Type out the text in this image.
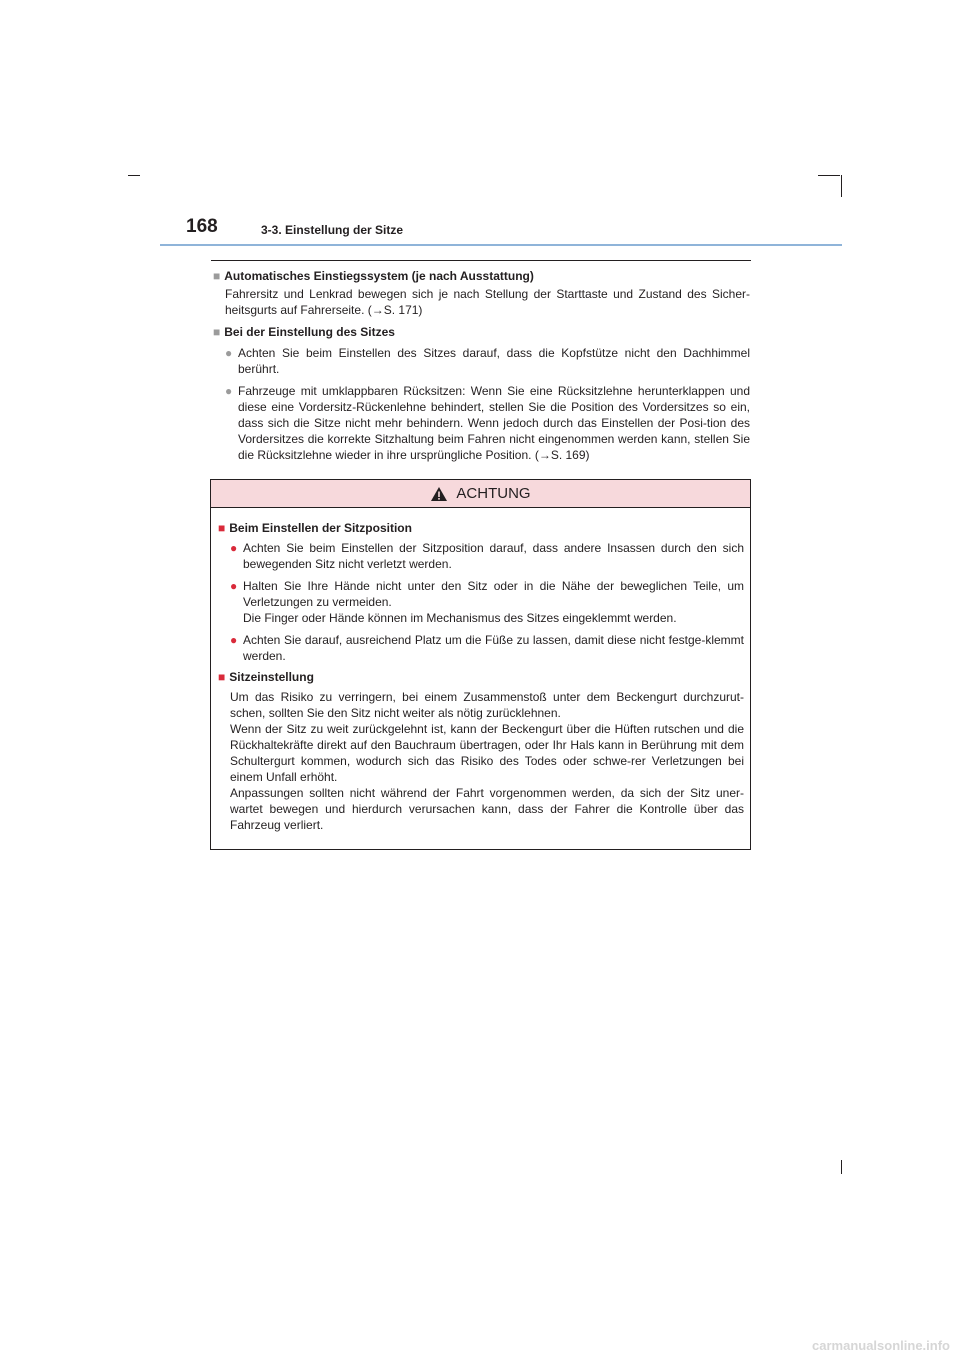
168	3-3. Einstellung der Sitze
■ Automatisches Einstiegssystem (je nach Ausstattung)
Fahrersitz und Lenkrad bewegen sich je nach Stellung der Starttaste und Zustand des Sicher-heitsgurts auf Fahrerseite. (→S. 171)
■ Bei der Einstellung des Sitzes
● Achten Sie beim Einstellen des Sitzes darauf, dass die Kopfstütze nicht den Dachhimmel berührt.
● Fahrzeuge mit umklappbaren Rücksitzen: Wenn Sie eine Rücksitzlehne herunterklappen und diese eine Vordersitz-Rückenlehne behindert, stellen Sie die Position des Vordersitzes so ein, dass sich die Sitze nicht mehr behindern. Wenn jedoch durch das Einstellen der Posi-tion des Vordersitzes die korrekte Sitzhaltung beim Fahren nicht eingenommen werden kann, stellen Sie die Rücksitzlehne wieder in ihre ursprüngliche Position. (→S. 169)
ACHTUNG
■ Beim Einstellen der Sitzposition
● Achten Sie beim Einstellen der Sitzposition darauf, dass andere Insassen durch den sich bewegenden Sitz nicht verletzt werden.
● Halten Sie Ihre Hände nicht unter den Sitz oder in die Nähe der beweglichen Teile, um Verletzungen zu vermeiden.
Die Finger oder Hände können im Mechanismus des Sitzes eingeklemmt werden.
● Achten Sie darauf, ausreichend Platz um die Füße zu lassen, damit diese nicht festge-klemmt werden.
■ Sitzeinstellung
Um das Risiko zu verringern, bei einem Zusammenstoß unter dem Beckengurt durchzurut-schen, sollten Sie den Sitz nicht weiter als nötig zurücklehnen.
Wenn der Sitz zu weit zurückgelehnt ist, kann der Beckengurt über die Hüften rutschen und die Rückhaltekräfte direkt auf den Bauchraum übertragen, oder Ihr Hals kann in Berührung mit dem Schultergurt kommen, wodurch sich das Risiko des Todes oder schwe-rer Verletzungen bei einem Unfall erhöht.
Anpassungen sollten nicht während der Fahrt vorgenommen werden, da sich der Sitz uner-wartet bewegen und hierdurch verursachen kann, dass der Fahrer die Kontrolle über das Fahrzeug verliert.
carmanualsonline.info
